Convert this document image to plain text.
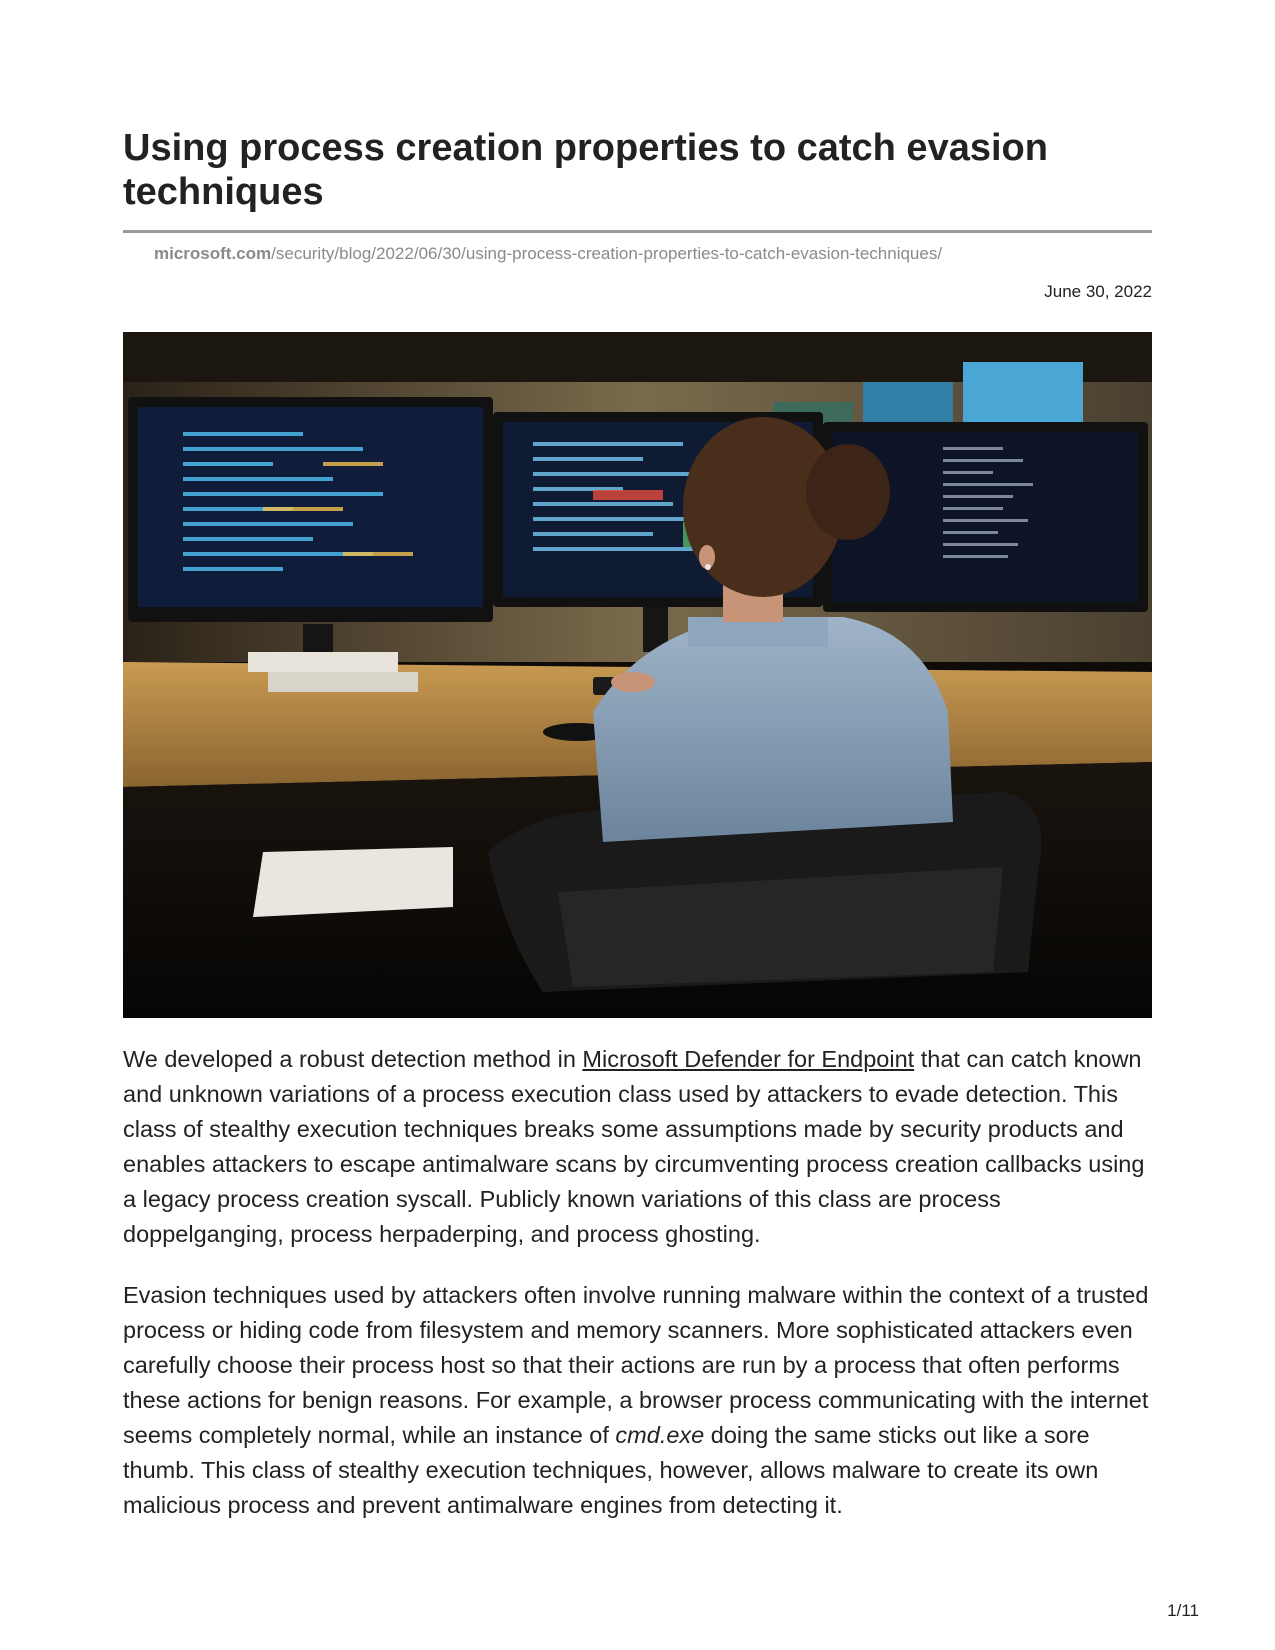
Using process creation properties to catch evasion techniques
microsoft.com/security/blog/2022/06/30/using-process-creation-properties-to-catch-evasion-techniques/
June 30, 2022

We developed a robust detection method in Microsoft Defender for Endpoint that can catch known and unknown variations of a process execution class used by attackers to evade detection. This class of stealthy execution techniques breaks some assumptions made by security products and enables attackers to escape antimalware scans by circumventing process creation callbacks using a legacy process creation syscall. Publicly known variations of this class are process doppelganging, process herpaderping, and process ghosting.

Evasion techniques used by attackers often involve running malware within the context of a trusted process or hiding code from filesystem and memory scanners. More sophisticated attackers even carefully choose their process host so that their actions are run by a process that often performs these actions for benign reasons. For example, a browser process communicating with the internet seems completely normal, while an instance of cmd.exe doing the same sticks out like a sore thumb. This class of stealthy execution techniques, however, allows malware to create its own malicious process and prevent antimalware engines from detecting it.

1/11
